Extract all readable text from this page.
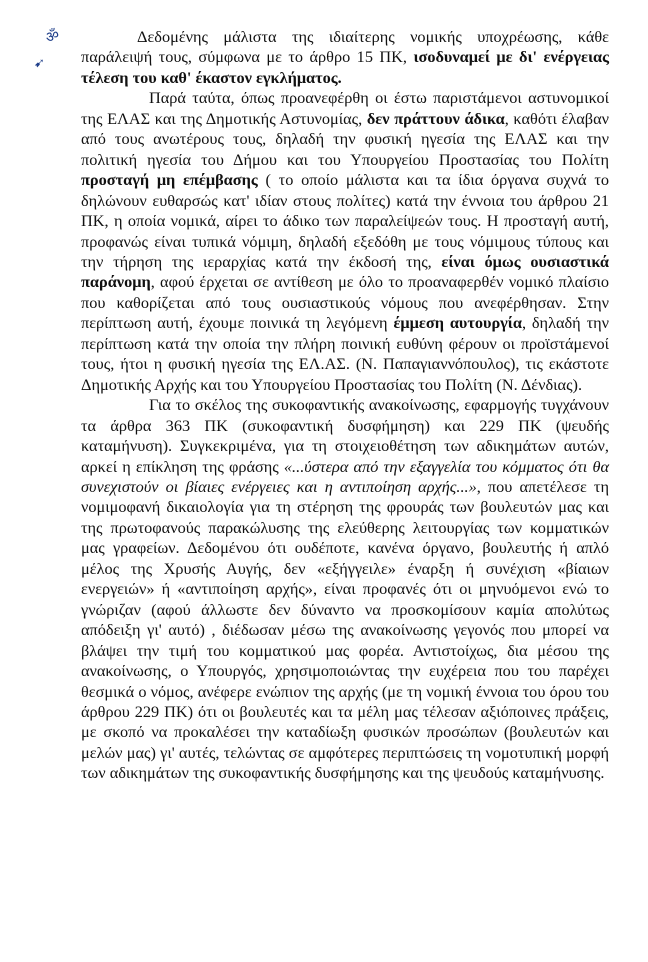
ॐ
➹

Δεδομένης μάλιστα της ιδιαίτερης νομικής υποχρέωσης, κάθε παράλειψή τους, σύμφωνα με το άρθρο 15 ΠΚ, ισοδυναμεί με δι' ενέργειας τέλεση του καθ' έκαστον εγκλήματος.

Παρά ταύτα, όπως προανεφέρθη οι έστω παριστάμενοι αστυνομικοί της ΕΛΑΣ και της Δημοτικής Αστυνομίας, δεν πράττουν άδικα, καθότι έλαβαν από τους ανωτέρους τους, δηλαδή την φυσική ηγεσία της ΕΛΑΣ και την πολιτική ηγεσία του Δήμου και του Υπουργείου Προστασίας του Πολίτη προσταγή μη επέμβασης ( το οποίο μάλιστα και τα ίδια όργανα συχνά το δηλώνουν ευθαρσώς κατ' ιδίαν στους πολίτες) κατά την έννοια του άρθρου 21 ΠΚ, η οποία νομικά, αίρει το άδικο των παραλείψεών τους. Η προσταγή αυτή, προφανώς είναι τυπικά νόμιμη, δηλαδή εξεδόθη με τους νόμιμους τύπους και την τήρηση της ιεραρχίας κατά την έκδοσή της, είναι όμως ουσιαστικά παράνομη, αφού έρχεται σε αντίθεση με όλο το προαναφερθέν νομικό πλαίσιο που καθορίζεται από τους ουσιαστικούς νόμους που ανεφέρθησαν. Στην περίπτωση αυτή, έχουμε ποινικά τη λεγόμενη έμμεση αυτουργία, δηλαδή την περίπτωση κατά την οποία την πλήρη ποινική ευθύνη φέρουν οι προϊστάμενοί τους, ήτοι η φυσική ηγεσία της ΕΛ.ΑΣ. (Ν. Παπαγιαννόπουλος), τις εκάστοτε Δημοτικής Αρχής και του Υπουργείου Προστασίας του Πολίτη (Ν. Δένδιας).

Για το σκέλος της συκοφαντικής ανακοίνωσης, εφαρμογής τυγχάνουν τα άρθρα 363 ΠΚ (συκοφαντική δυσφήμηση) και 229 ΠΚ (ψευδής καταμήνυση). Συγκεκριμένα, για τη στοιχειοθέτηση των αδικημάτων αυτών, αρκεί η επίκληση της φράσης «...ύστερα από την εξαγγελία του κόμματος ότι θα συνεχιστούν οι βίαιες ενέργειες και η αντιποίηση αρχής...», που απετέλεσε τη νομιμοφανή δικαιολογία για τη στέρηση της φρουράς των βουλευτών μας και της πρωτοφανούς παρακώλυσης της ελεύθερης λειτουργίας των κομματικών μας γραφείων. Δεδομένου ότι ουδέποτε, κανένα όργανο, βουλευτής ή απλό μέλος της Χρυσής Αυγής, δεν «εξήγγειλε» έναρξη ή συνέχιση «βίαιων ενεργειών» ή «αντιποίηση αρχής», είναι προφανές ότι οι μηνυόμενοι ενώ το γνώριζαν (αφού άλλωστε δεν δύναντο να προσκομίσουν καμία απολύτως απόδειξη γι' αυτό) , διέδωσαν μέσω της ανακοίνωσης γεγονός που μπορεί να βλάψει την τιμή του κομματικού μας φορέα. Αντιστοίχως, δια μέσου της ανακοίνωσης, ο Υπουργός, χρησιμοποιώντας την ευχέρεια που του παρέχει θεσμικά ο νόμος, ανέφερε ενώπιον της αρχής (με τη νομική έννοια του όρου του άρθρου 229 ΠΚ) ότι οι βουλευτές και τα μέλη μας τέλεσαν αξιόποινες πράξεις, με σκοπό να προκαλέσει την καταδίωξη φυσικών προσώπων (βουλευτών και μελών μας) γι' αυτές, τελώντας σε αμφότερες περιπτώσεις τη νομοτυπική μορφή των αδικημάτων της συκοφαντικής δυσφήμησης και της ψευδούς καταμήνυσης.
